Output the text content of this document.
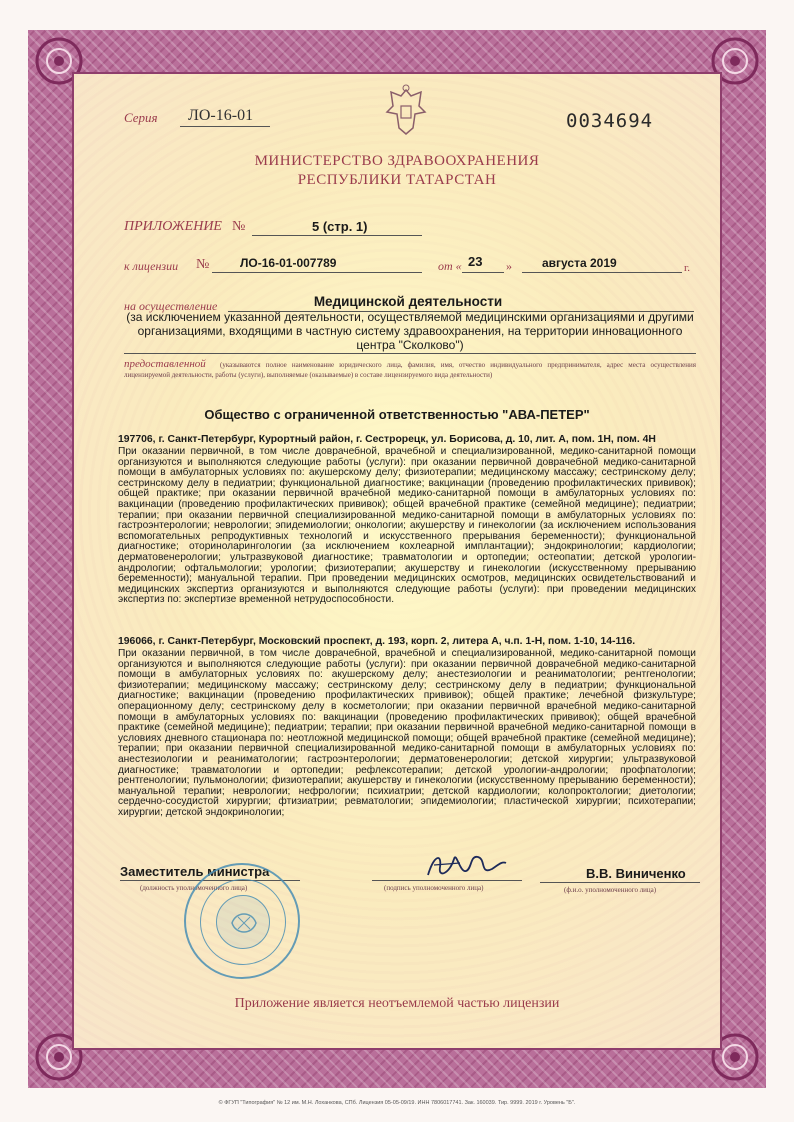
Серия ЛО-16-01	0034694
МИНИСТЕРСТВО ЗДРАВООХРАНЕНИЯ
РЕСПУБЛИКИ ТАТАРСТАН
ПРИЛОЖЕНИЕ №	5 (стр. 1)
к лицензии №	ЛО-16-01-007789	от « 23 »	августа 2019	г.
на осуществление	Медицинской деятельности
(за исключением указанной деятельности, осуществляемой медицинскими организациями и другими организациями, входящими в частную систему здравоохранения, на территории инновационного центра "Сколково")
предоставленной	(указываются полное наименование юридического лица, фамилия, имя, отчество индивидуального предпринимателя, адрес места осуществления лицензируемой деятельности, работы (услуги), выполняемые (оказываемые) в составе лицензируемого вида деятельности)
Общество с ограниченной ответственностью "АВА-ПЕТЕР"
197706, г. Санкт-Петербург, Курортный район, г. Сестрорецк, ул. Борисова, д. 10, лит. А, пом. 1Н, пом. 4Н
При оказании первичной, в том числе доврачебной, врачебной и специализированной, медико-санитарной помощи организуются и выполняются следующие работы (услуги): при оказании первичной доврачебной медико-санитарной помощи в амбулаторных условиях по: акушерскому делу; физиотерапии; медицинскому массажу; сестринскому делу; сестринскому делу в педиатрии; функциональной диагностике; вакцинации (проведению профилактических прививок); общей практике; при оказании первичной врачебной медико-санитарной помощи в амбулаторных условиях по: вакцинации (проведению профилактических прививок); общей врачебной практике (семейной медицине); педиатрии; терапии; при оказании первичной специализированной медико-санитарной помощи в амбулаторных условиях по: гастроэнтерологии; неврологии; эпидемиологии; онкологии; акушерству и гинекологии (за исключением использования вспомогательных репродуктивных технологий и искусственного прерывания беременности); функциональной диагностике; оториноларингологии (за исключением кохлеарной имплантации); эндокринологии; кардиологии; дерматовенерологии; ультразвуковой диагностике; травматологии и ортопедии; остеопатии; детской урологии-андрологии; офтальмологии; урологии; физиотерапии; акушерству и гинекологии (искусственному прерыванию беременности); мануальной терапии. При проведении медицинских осмотров, медицинских освидетельствований и медицинских экспертиз организуются и выполняются следующие работы (услуги): при проведении медицинских экспертиз по: экспертизе временной нетрудоспособности.
196066, г. Санкт-Петербург, Московский проспект, д. 193, корп. 2, литера А, ч.п. 1-Н, пом. 1-10, 14-116.
При оказании первичной, в том числе доврачебной, врачебной и специализированной, медико-санитарной помощи организуются и выполняются следующие работы (услуги): при оказании первичной доврачебной медико-санитарной помощи в амбулаторных условиях по: акушерскому делу; анестезиологии и реаниматологии; рентгенологии; физиотерапии; медицинскому массажу; сестринскому делу; сестринскому делу в педиатрии; функциональной диагностике; вакцинации (проведению профилактических прививок); общей практике; лечебной физкультуре; операционному делу; сестринскому делу в косметологии; при оказании первичной врачебной медико-санитарной помощи в амбулаторных условиях по: вакцинации (проведению профилактических прививок); общей врачебной практике (семейной медицине); педиатрии; терапии; при оказании первичной врачебной медико-санитарной помощи в условиях дневного стационара по: неотложной медицинской помощи; общей врачебной практике (семейной медицине); терапии; при оказании первичной специализированной медико-санитарной помощи в амбулаторных условиях по: анестезиологии и реаниматологии; гастроэнтерологии; дерматовенерологии; детской хирургии; ультразвуковой диагностике; травматологии и ортопедии; рефлексотерапии; детской урологии-андрологии; профпатологии; рентгенологии; пульмонологии; физиотерапии; акушерству и гинекологии (искусственному прерыванию беременности); мануальной терапии; неврологии; нефрологии; психиатрии; детской кардиологии; колопроктологии; диетологии; сердечно-сосудистой хирургии; фтизиатрии; ревматологии; эпидемиологии; пластической хирургии; психотерапии; хирургии; детской эндокринологии;
Заместитель министра
(должность уполномоченного лица)	(подпись уполномоченного лица)
В.В. Виниченко
(ф.и.о. уполномоченного лица)
Приложение является неотъемлемой частью лицензии
© ФГУП "Типография" № 12 им. М.Н. Лоханкова, СПб. Лицензия 05-05-09/19. ИНН 7806017741. Зак. 160039. Тир. 9999. 2019 г. Уровень "Б".
